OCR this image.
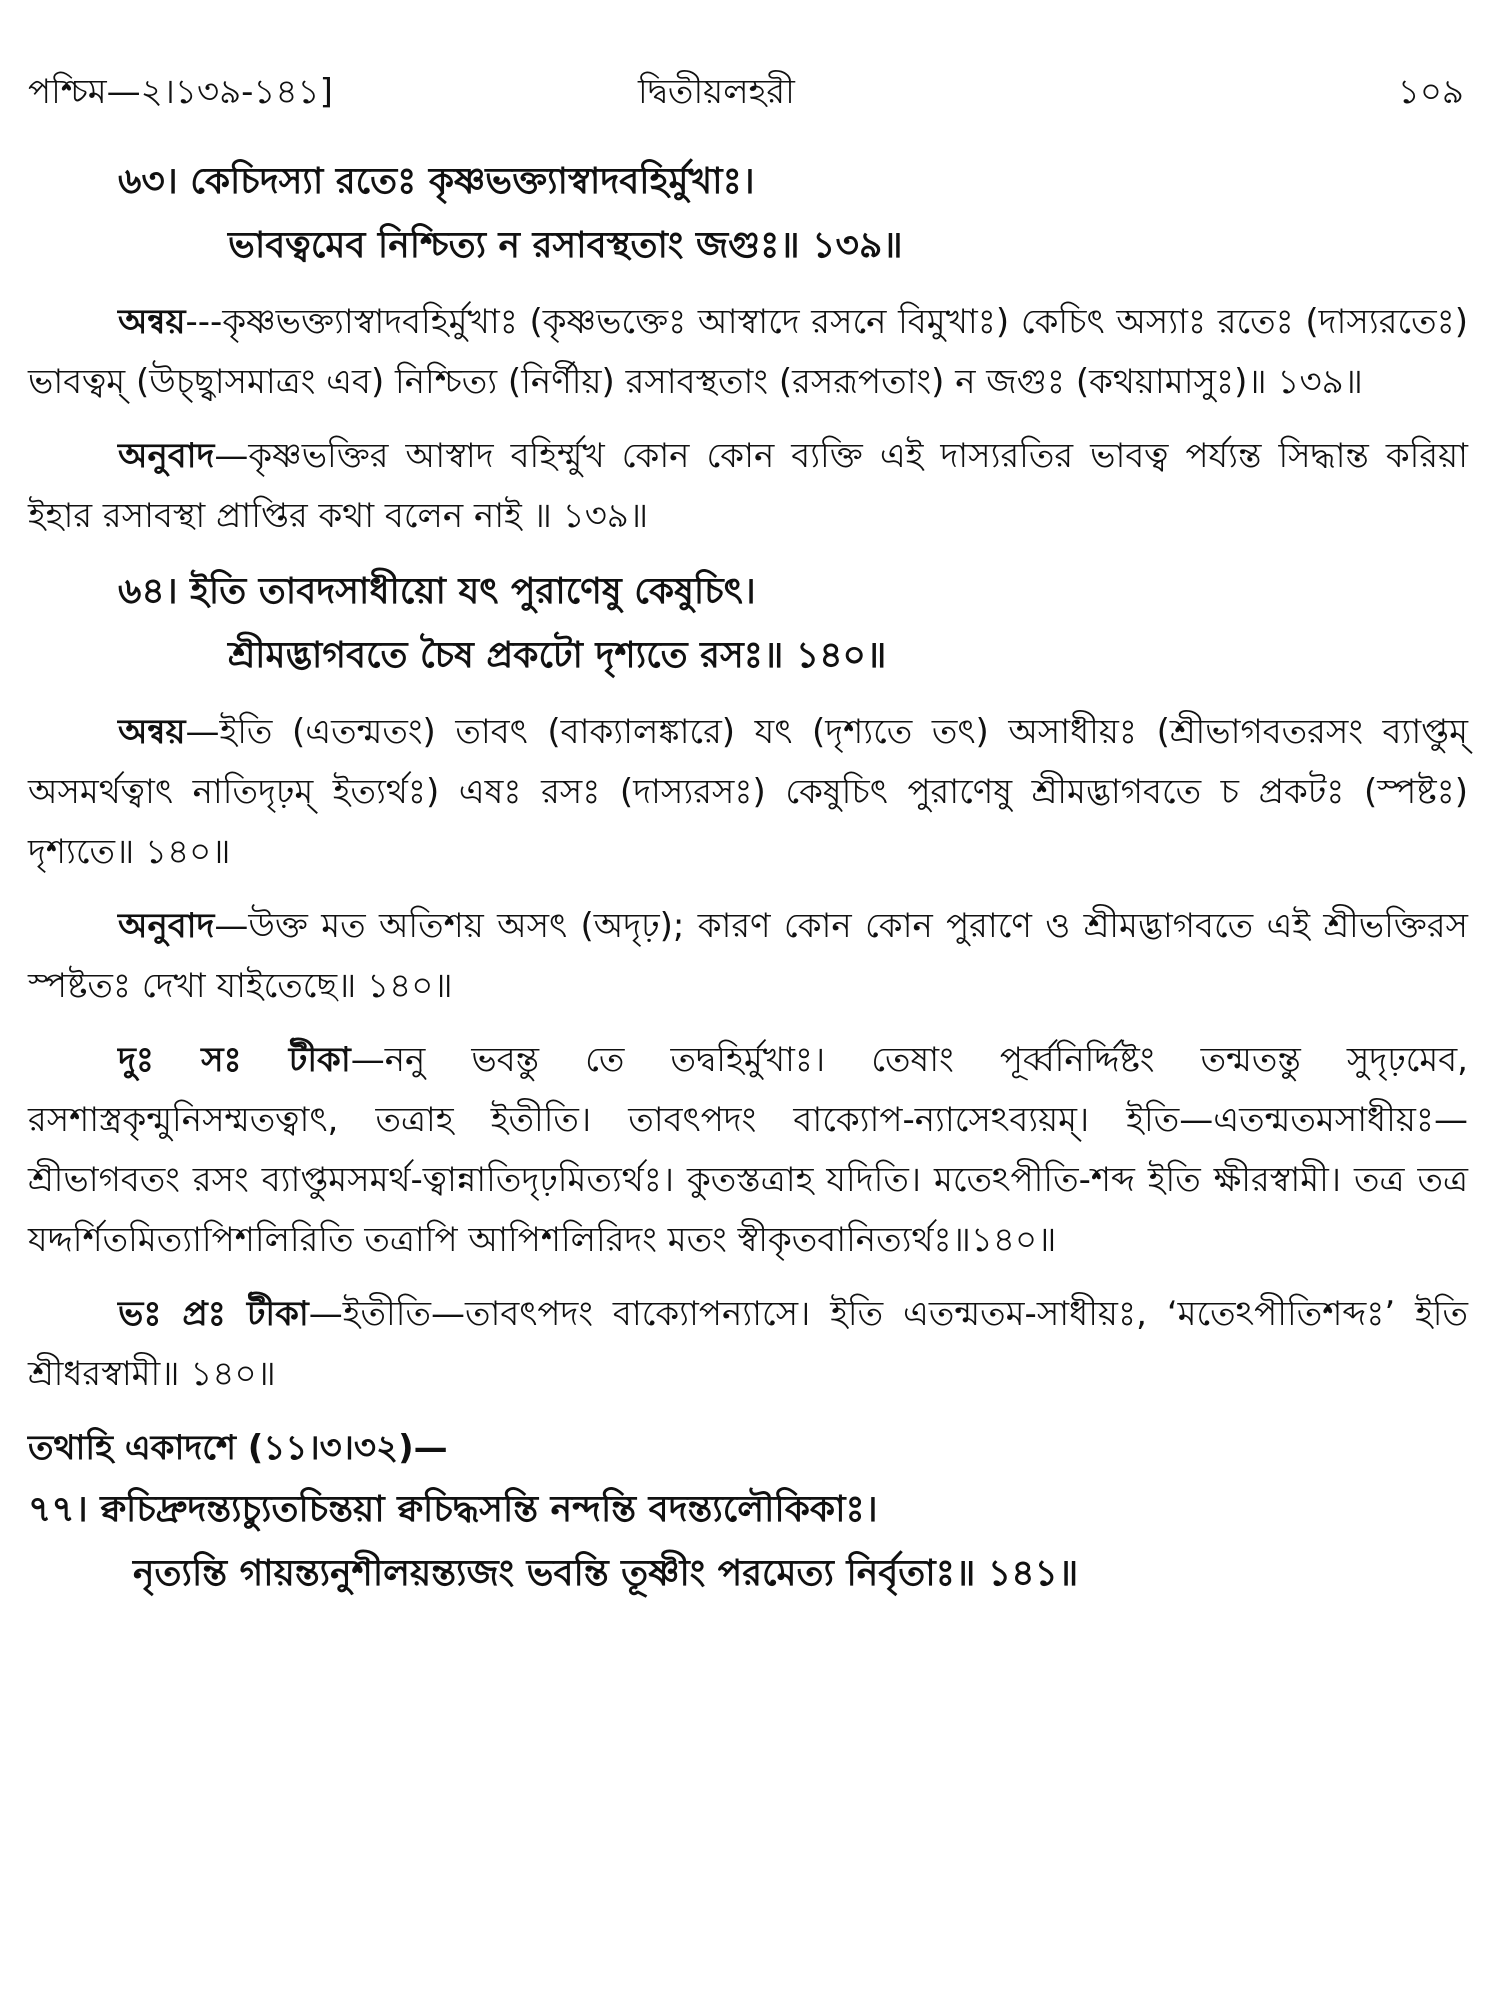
পশ্চিম—২।১৩৯-১৪১]	দ্বিতীয়লহরী	১০৯

৬৩। কেচিদস্যা রতেঃ কৃষ্ণভক্ত্যাস্বাদবহির্মুখাঃ।
ভাবত্বমেব নিশ্চিত্য ন রসাবস্থতাং জগুঃ॥ ১৩৯॥

অন্বয়---কৃষ্ণভক্ত্যাস্বাদবহির্মুখাঃ (কৃষ্ণভক্তেঃ আস্বাদে রসনে বিমুখাঃ) কেচিৎ অস্যাঃ রতেঃ (দাস্যরতেঃ) ভাবত্বম্ (উচ্ছ্বাসমাত্রং এব) নিশ্চিত্য (নির্ণীয়) রসাবস্থতাং (রসরূপতাং) ন জগুঃ (কথয়ামাসুঃ)॥ ১৩৯॥

অনুবাদ—কৃষ্ণভক্তির আস্বাদ বহির্ম্মুখ কোন কোন ব্যক্তি এই দাস্যরতির ভাবত্ব পর্য্যন্ত সিদ্ধান্ত করিয়া ইহার রসাবস্থা প্রাপ্তির কথা বলেন নাই ॥ ১৩৯॥

৬৪। ইতি তাবদসাধীয়ো যৎ পুরাণেষু কেষুচিৎ।
শ্রীমদ্ভাগবতে চৈষ প্রকটো দৃশ্যতে রসঃ॥ ১৪০॥

অন্বয়—ইতি (এতন্মতং) তাবৎ (বাক্যালঙ্কারে) যৎ (দৃশ্যতে তৎ) অসাধীয়ঃ (শ্রীভাগবতরসং ব্যাপ্তুম্ অসমর্থত্বাৎ নাতিদৃঢ়ম্ ইত্যর্থঃ) এষঃ রসঃ (দাস্যরসঃ) কেষুচিৎ পুরাণেষু শ্রীমদ্ভাগবতে চ প্রকটঃ (স্পষ্টঃ) দৃশ্যতে॥ ১৪০॥

অনুবাদ—উক্ত মত অতিশয় অসৎ (অদৃঢ়); কারণ কোন কোন পুরাণে ও শ্রীমদ্ভাগবতে এই শ্রীভক্তিরস স্পষ্টতঃ দেখা যাইতেছে॥ ১৪০॥

দুঃ সঃ টীকা—ননু ভবন্তু তে তদ্বহির্মুখাঃ। তেষাং পূর্ব্বনির্দ্দিষ্টং তন্মতন্তু সুদৃঢ়মেব, রসশাস্ত্রকৃন্মুনিসম্মতত্বাৎ, তত্রাহ ইতীতি। তাবৎপদং বাক্যোপ-ন্যাসেঽব্যয়ম্। ইতি—এতন্মতমসাধীয়ঃ—শ্রীভাগবতং রসং ব্যাপ্তুমসমর্থ-ত্বান্নাতিদৃঢ়মিত্যর্থঃ। কুতস্তত্রাহ যদিতি। মতেঽপীতি-শব্দ ইতি ক্ষীরস্বামী। তত্র তত্র যদ্দর্শিতমিত্যাপিশলিরিতি তত্রাপি আপিশলিরিদং মতং স্বীকৃতবানিত্যর্থঃ॥১৪০॥

ভঃ প্রঃ টীকা—ইতীতি—তাবৎপদং বাক্যোপন্যাসে। ইতি এতন্মতম-সাধীয়ঃ, ‘মতেঽপীতিশব্দঃ’ ইতি শ্রীধরস্বামী॥ ১৪০॥

তথাহি একাদশে (১১।৩।৩২)—

৭৭। ক্বচিদ্রুদন্ত্যচ্যুতচিন্তয়া ক্বচিদ্ধসন্তি নন্দন্তি বদন্ত্যলৌকিকাঃ।
নৃত্যন্তি গায়ন্ত্যনুশীলয়ন্ত্যজং ভবন্তি তূষ্ণীং পরমেত্য নির্বৃতাঃ॥ ১৪১॥
